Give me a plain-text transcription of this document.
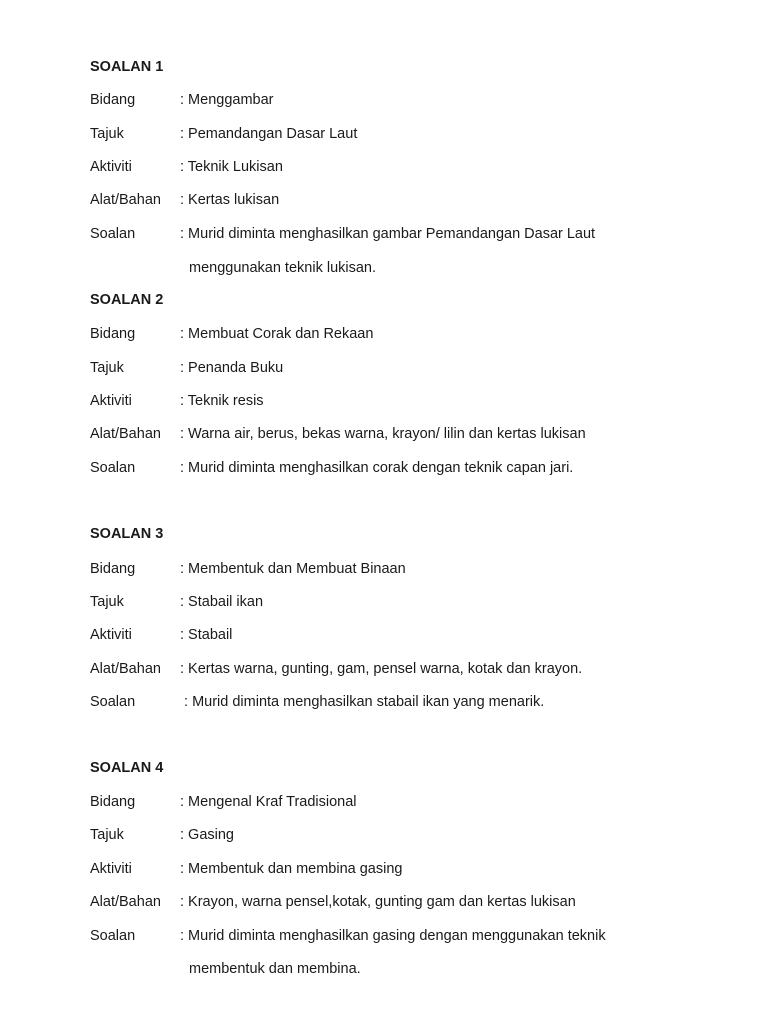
SOALAN 1
Bidang	: Menggambar
Tajuk	: Pemandangan Dasar Laut
Aktiviti	: Teknik Lukisan
Alat/Bahan : Kertas lukisan
Soalan	: Murid diminta menghasilkan gambar Pemandangan Dasar Laut
menggunakan teknik lukisan.
SOALAN 2
Bidang	: Membuat Corak dan Rekaan
Tajuk	: Penanda Buku
Aktiviti	: Teknik resis
Alat/Bahan : Warna air, berus, bekas warna, krayon/ lilin dan kertas lukisan
Soalan	: Murid diminta menghasilkan corak dengan teknik capan jari.
SOALAN 3
Bidang	: Membentuk dan Membuat Binaan
Tajuk	: Stabail ikan
Aktiviti	: Stabail
Alat/Bahan : Kertas warna, gunting, gam, pensel warna, kotak dan krayon.
Soalan	: Murid diminta menghasilkan stabail ikan yang menarik.
SOALAN 4
Bidang	: Mengenal Kraf Tradisional
Tajuk	: Gasing
Aktiviti	: Membentuk dan membina gasing
Alat/Bahan : Krayon, warna pensel,kotak, gunting gam dan kertas lukisan
Soalan	: Murid diminta menghasilkan gasing dengan menggunakan teknik
membentuk dan membina.
